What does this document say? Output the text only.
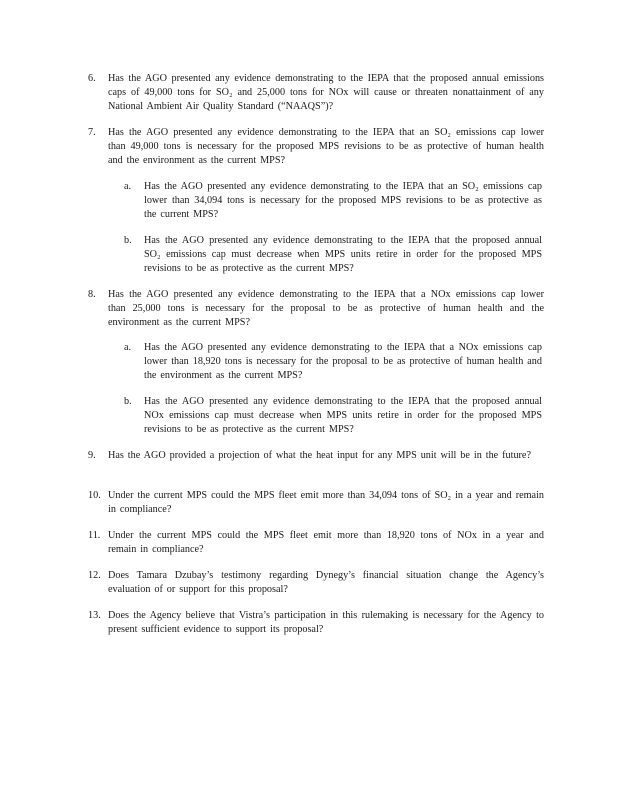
6.	Has the AGO presented any evidence demonstrating to the IEPA that the proposed annual emissions caps of 49,000 tons for SO₂ and 25,000 tons for NOx will cause or threaten nonattainment of any National Ambient Air Quality Standard (“NAAQS”)?
7.	Has the AGO presented any evidence demonstrating to the IEPA that an SO₂ emissions cap lower than 49,000 tons is necessary for the proposed MPS revisions to be as protective of human health and the environment as the current MPS?
a.	Has the AGO presented any evidence demonstrating to the IEPA that an SO₂ emissions cap lower than 34,094 tons is necessary for the proposed MPS revisions to be as protective as the current MPS?
b.	Has the AGO presented any evidence demonstrating to the IEPA that the proposed annual SO₂ emissions cap must decrease when MPS units retire in order for the proposed MPS revisions to be as protective as the current MPS?
8.	Has the AGO presented any evidence demonstrating to the IEPA that a NOx emissions cap lower than 25,000 tons is necessary for the proposal to be as protective of human health and the environment as the current MPS?
a.	Has the AGO presented any evidence demonstrating to the IEPA that a NOx emissions cap lower than 18,920 tons is necessary for the proposal to be as protective of human health and the environment as the current MPS?
b.	Has the AGO presented any evidence demonstrating to the IEPA that the proposed annual NOx emissions cap must decrease when MPS units retire in order for the proposed MPS revisions to be as protective as the current MPS?
9.	Has the AGO provided a projection of what the heat input for any MPS unit will be in the future?
10. Under the current MPS could the MPS fleet emit more than 34,094 tons of SO₂ in a year and remain in compliance?
11. Under the current MPS could the MPS fleet emit more than 18,920 tons of NOx in a year and remain in compliance?
12. Does Tamara Dzubay’s testimony regarding Dynegy’s financial situation change the Agency’s evaluation of or support for this proposal?
13. Does the Agency believe that Vistra’s participation in this rulemaking is necessary for the Agency to present sufficient evidence to support its proposal?
